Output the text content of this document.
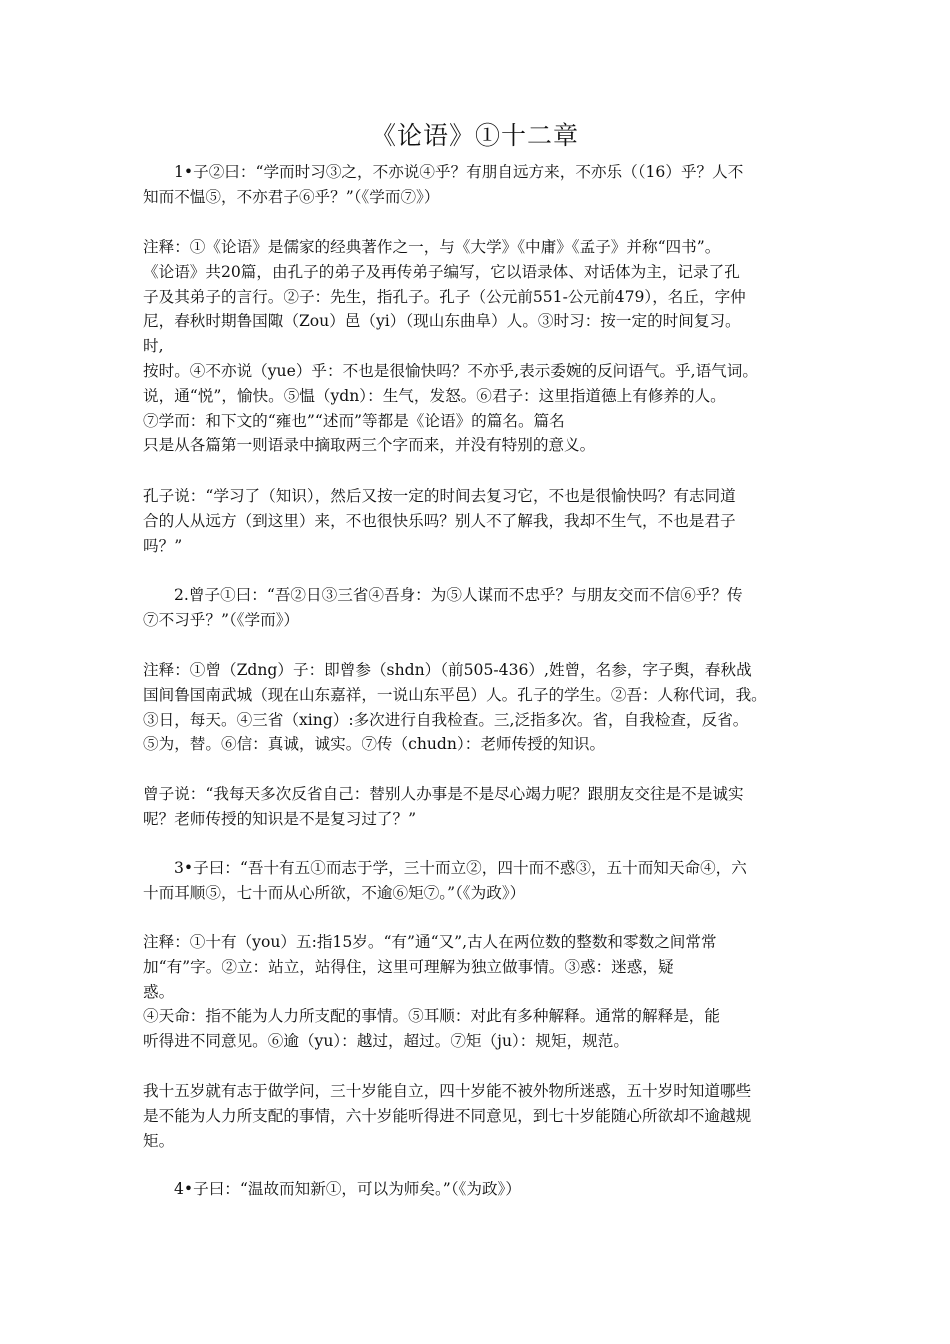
《论语》①十二章
1•子②曰：“学而时习③之，不亦说④乎？有朋自远方来，不亦乐（（16）乎？人不
知而不愠⑤，不亦君子⑥乎？”（《学而⑦》）
注释：①《论语》是儒家的经典著作之一，与《大学》《中庸》《孟子》并称“四书”。
《论语》共20篇，由孔子的弟子及再传弟子编写，它以语录体、对话体为主，记录了孔
子及其弟子的言行。②子：先生，指孔子。孔子（公元前551-公元前479），名丘，字仲
尼，春秋时期鲁国陬（Zou）邑（yi）（现山东曲阜）人。③时习：按一定的时间复习。
时,
按时。④不亦说（yue）乎：不也是很愉快吗？不亦乎,表示委婉的反问语气。乎,语气词。
说，通“悦”，愉快。⑤愠（ydn）：生气，发怒。⑥君子：这里指道德上有修养的人。
⑦学而：和下文的“雍也”“述而”等都是《论语》的篇名。篇名
只是从各篇第一则语录中摘取两三个字而来，并没有特别的意义。
孔子说：“学习了（知识），然后又按一定的时间去复习它，不也是很愉快吗？有志同道
合的人从远方（到这里）来，不也很快乐吗？别人不了解我，我却不生气，不也是君子
吗？”
2.曾子①曰：“吾②日③三省④吾身：为⑤人谋而不忠乎？与朋友交而不信⑥乎？传
⑦不习乎？”（《学而》）
注释：①曾（Zdng）子：即曾参（shdn）（前505-436）,姓曾，名参，字子舆，春秋战
国间鲁国南武城（现在山东嘉祥，一说山东平邑）人。孔子的学生。②吾：人称代词，我。
③日，每天。④三省（xing）:多次进行自我检查。三,泛指多次。省，自我检查，反省。
⑤为，替。⑥信：真诚，诚实。⑦传（chudn）：老师传授的知识。
曾子说：“我每天多次反省自己：替别人办事是不是尽心竭力呢？跟朋友交往是不是诚实
呢？老师传授的知识是不是复习过了？”
3•子曰：“吾十有五①而志于学，三十而立②，四十而不惑③，五十而知天命④，六
十而耳顺⑤，七十而从心所欲，不逾⑥矩⑦。”（《为政》）
注释：①十有（you）五:指15岁。“有”通“又”,古人在两位数的整数和零数之间常常
加“有”字。②立：站立，站得住，这里可理解为独立做事情。③惑：迷惑，疑
惑。
④天命：指不能为人力所支配的事情。⑤耳顺：对此有多种解释。通常的解释是，能
听得进不同意见。⑥逾（yu）：越过，超过。⑦矩（ju）：规矩，规范。
我十五岁就有志于做学问，三十岁能自立，四十岁能不被外物所迷惑，五十岁时知道哪些
是不能为人力所支配的事情，六十岁能听得进不同意见，到七十岁能随心所欲却不逾越规
矩。
4•子曰：“温故而知新①，可以为师矣。”（《为政》）
